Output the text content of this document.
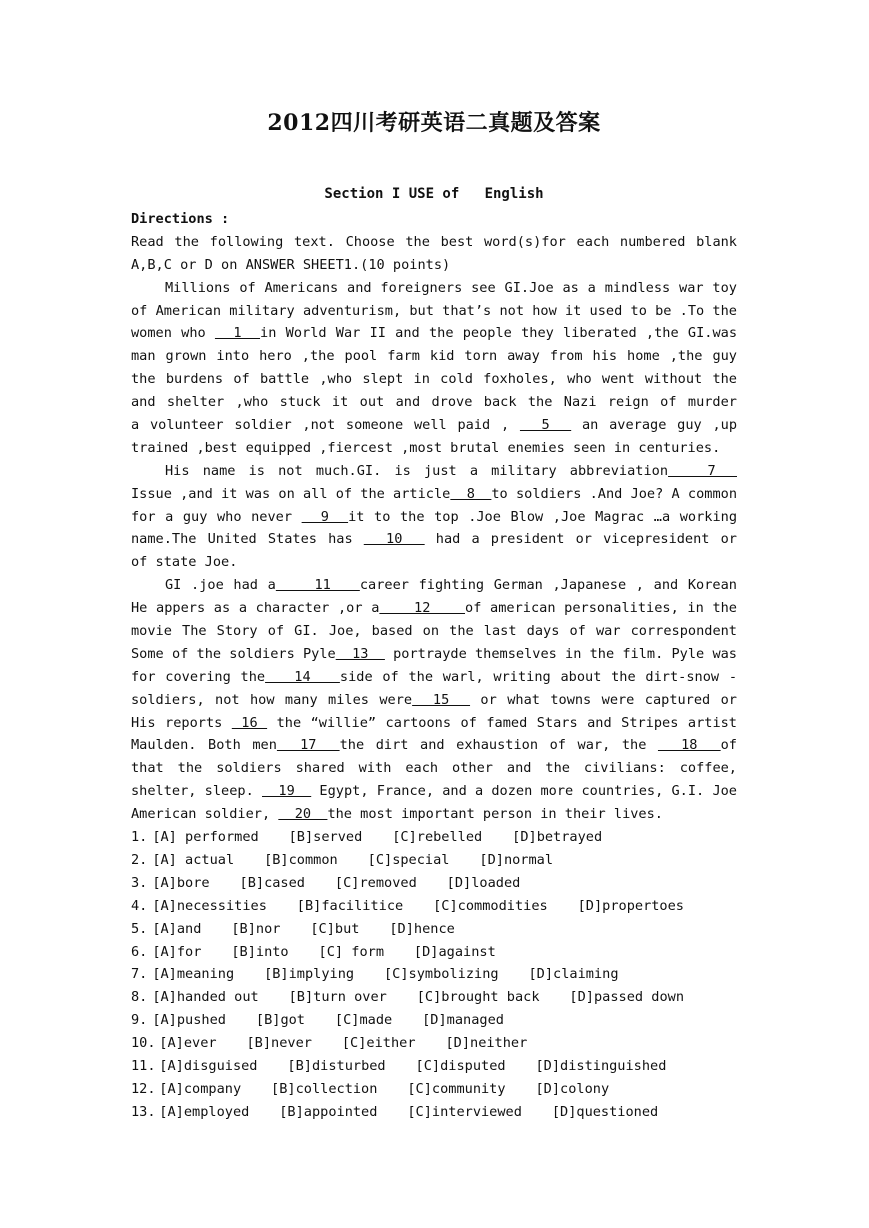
2012四川考研英语二真题及答案
Section I USE of   English
Directions :
Read the following text. Choose the best word(s)for each numbered blank
A,B,C or D on ANSWER SHEET1.(10 points)
Millions of Americans and foreigners see GI.Joe as a mindless war toy
of American military adventurism, but that’s not how it used to be .To the
women who   1  in World War II and the people they liberated ,the GI.was
man grown into hero ,the pool farm kid torn away from his home ,the guy
the burdens of battle ,who slept in cold foxholes, who went without the
and shelter ,who stuck it out and drove back the Nazi reign of murder
a volunteer soldier ,not someone well paid ,   5   an average guy ,up
trained ,best equipped ,fiercest ,most brutal enemies seen in centuries.
His name is not much.GI. is just a military abbreviation   7
Issue ,and it was on all of the article  8  to soldiers .And Joe? A common
for a guy who never   9  it to the top .Joe Blow ,Joe Magrac …a working
name.The United States has   10   had a president or vicepresident or
of state Joe.
GI .joe had a    11   career fighting German ,Japanese , and Korean
He appers as a character ,or a    12    of american personalities, in the
movie The Story of GI. Joe, based on the last days of war correspondent
Some of the soldiers Pyle  13   portrayde themselves in the film. Pyle was
for covering the   14   side of the warl, writing about the dirt-snow -
soldiers, not how many miles were  15   or what towns were captured or
His reports  16  the “willie” cartoons of famed Stars and Stripes artist
Maulden. Both men  17  the dirt and exhaustion of war, the   18  of
that the soldiers shared with each other and the civilians: coffee,
shelter, sleep.   19   Egypt, France, and a dozen more countries, G.I. Joe
American soldier,   20  the most important person in their lives.
1. [A] performed [B]served [C]rebelled [D]betrayed
2. [A] actual [B]common [C]special [D]normal
3. [A]bore [B]cased [C]removed [D]loaded
4. [A]necessities [B]facilitice [C]commodities [D]propertoes
5. [A]and [B]nor [C]but [D]hence
6. [A]for [B]into [C] form [D]against
7. [A]meaning [B]implying [C]symbolizing [D]claiming
8. [A]handed out [B]turn over [C]brought back [D]passed down
9. [A]pushed [B]got [C]made [D]managed
10. [A]ever [B]never [C]either [D]neither
11. [A]disguised [B]disturbed [C]disputed [D]distinguished
12. [A]company [B]collection [C]community [D]colony
13. [A]employed [B]appointed [C]interviewed [D]questioned
